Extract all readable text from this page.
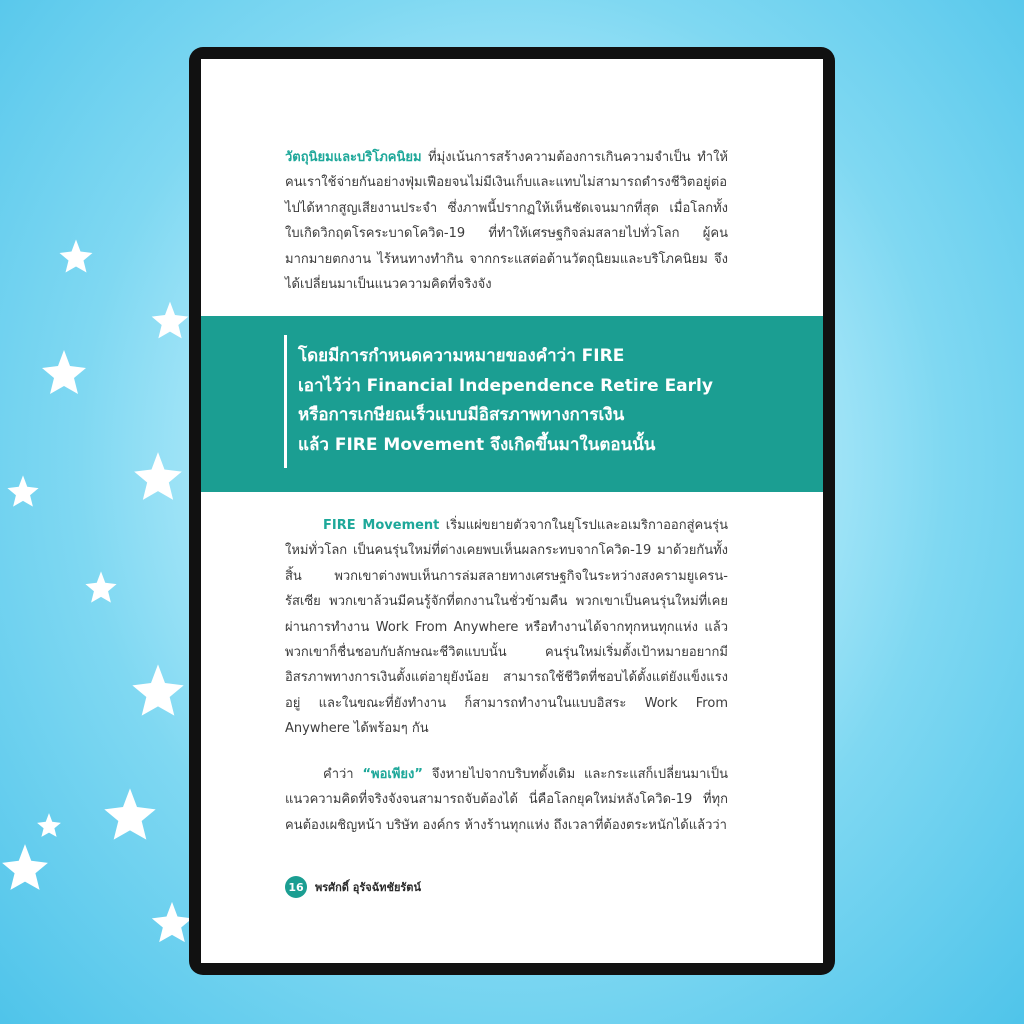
วัตถุนิยมและบริโภคนิยม ที่มุ่งเน้นการสร้างความต้องการเกินความจำเป็น ทำให้คนเราใช้จ่ายกันอย่างฟุ่มเฟือยจนไม่มีเงินเก็บและแทบไม่สามารถดำรงชีวิตอยู่ต่อไปได้หากสูญเสียงานประจำ ซึ่งภาพนี้ปรากฏให้เห็นชัดเจนมากที่สุด เมื่อโลกทั้งใบเกิดวิกฤตโรคระบาดโควิด-19 ที่ทำให้เศรษฐกิจล่มสลายไปทั่วโลก ผู้คนมากมายตกงาน ไร้หนทางทำกิน จากกระแสต่อต้านวัตถุนิยมและบริโภคนิยม จึงได้เปลี่ยนมาเป็นแนวความคิดที่จริงจัง
โดยมีการกำหนดความหมายของคำว่า FIRE
เอาไว้ว่า Financial Independence Retire Early
หรือการเกษียณเร็วแบบมีอิสรภาพทางการเงิน
แล้ว FIRE Movement จึงเกิดขึ้นมาในตอนนั้น
FIRE Movement เริ่มแผ่ขยายตัวจากในยุโรปและอเมริกาออกสู่คนรุ่นใหม่ทั่วโลก เป็นคนรุ่นใหม่ที่ต่างเคยพบเห็นผลกระทบจากโควิด-19 มาด้วยกันทั้งสิ้น พวกเขาต่างพบเห็นการล่มสลายทางเศรษฐกิจในระหว่างสงครามยูเครน-รัสเซีย พวกเขาล้วนมีคนรู้จักที่ตกงานในชั่วข้ามคืน พวกเขาเป็นคนรุ่นใหม่ที่เคยผ่านการทำงาน Work From Anywhere หรือทำงานได้จากทุกหนทุกแห่ง แล้วพวกเขาก็ชื่นชอบกับลักษณะชีวิตแบบนั้น คนรุ่นใหม่เริ่มตั้งเป้าหมายอยากมีอิสรภาพทางการเงินตั้งแต่อายุยังน้อย สามารถใช้ชีวิตที่ชอบได้ตั้งแต่ยังแข็งแรงอยู่ และในขณะที่ยังทำงาน ก็สามารถทำงานในแบบอิสระ Work From Anywhere ได้พร้อมๆ กัน
คำว่า “พอเพียง” จึงหายไปจากบริบทดั้งเดิม และกระแสก็เปลี่ยนมาเป็นแนวความคิดที่จริงจังจนสามารถจับต้องได้ นี่คือโลกยุคใหม่หลังโควิด-19 ที่ทุกคนต้องเผชิญหน้า บริษัท องค์กร ห้างร้านทุกแห่ง ถึงเวลาที่ต้องตระหนักได้แล้วว่า
16	พรศักดิ์ อุรัจฉัทชัยรัตน์
